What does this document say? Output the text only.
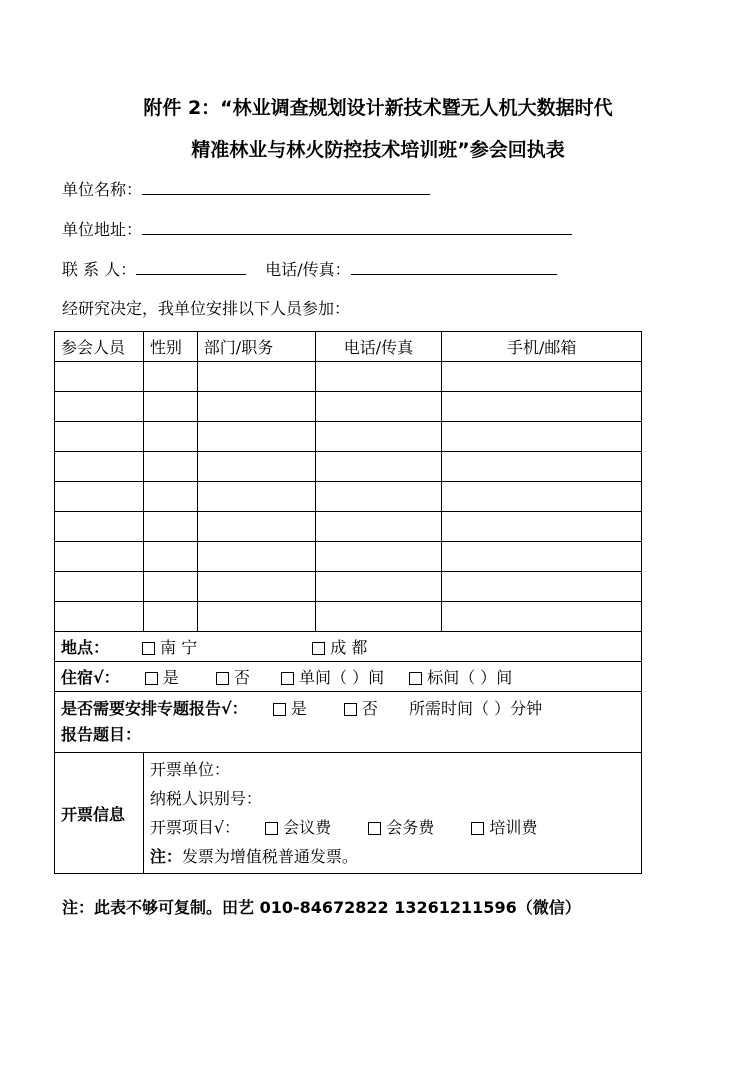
附件 2：“林业调查规划设计新技术暨无人机大数据时代
精准林业与林火防控技术培训班”参会回执表
单位名称：
单位地址：
联 系 人：	电话/传真：
经研究决定，我单位安排以下人员参加：
参会人员	性别	部门/职务	电话/传真	手机/邮箱

地点： 南 宁 成 都				
住宿√： 是 否 单间（ ）间 标间（ ）间				

是否需要安排专题报告√： 是 否 所需时间（ ）分钟
报告题目：				

开票信息	开票单位：
纳税人识别号：
开票项目√： 会议费 会务费 培训费
注：发票为增值税普通发票。			
注：此表不够可复制。田艺 010-84672822 13261211596（微信）
